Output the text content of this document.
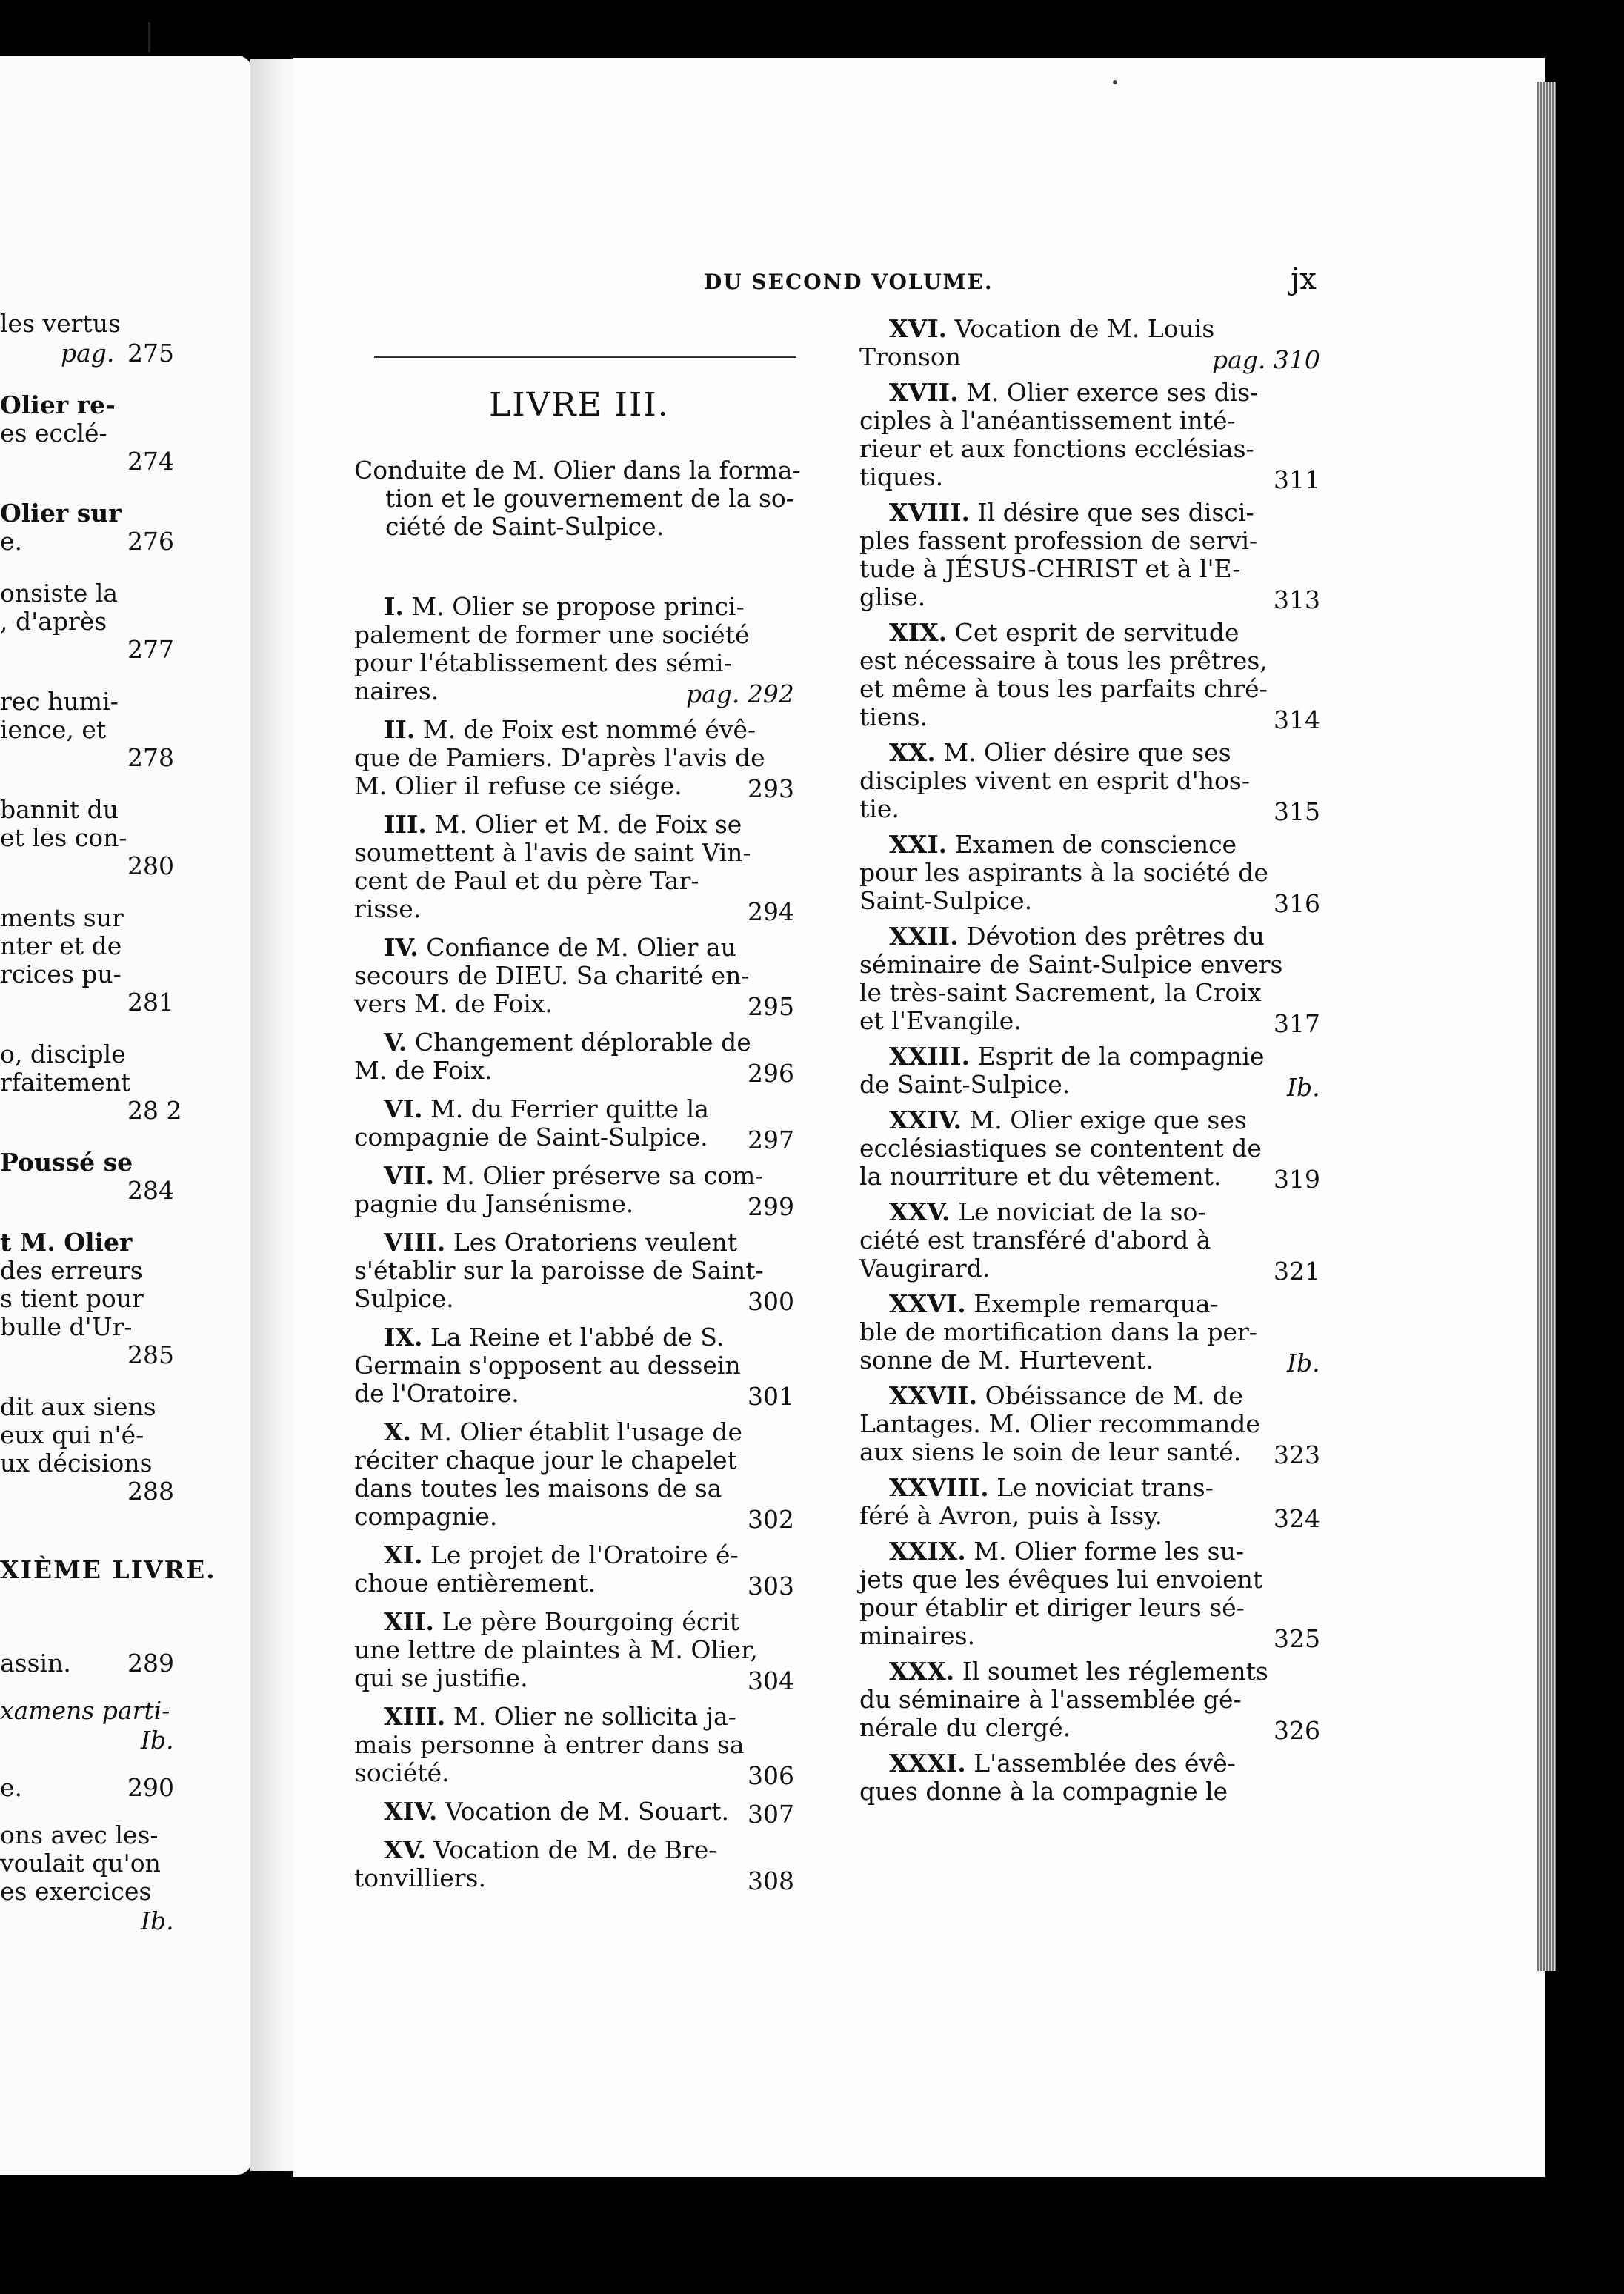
les vertus
pag. 275
Olier re-
es ecclé-
274
Olier sur
e.	276
onsiste la
, d'après
277
rec humi-
ience, et
278
bannit du
et les con-
280
ments sur
nter et de
rcices pu-
281
o, disciple
rfaitement
28 2
Poussé se
284
t M. Olier
des erreurs
s tient pour
bulle d'Ur-
285
dit aux siens
eux qui n'é-
ux décisions
288
XIÈME LIVRE.
assin. 289
xamens parti-
Ib.
e.	290
ons avec les-
voulait qu'on
es exercices
Ib.
DU SECOND VOLUME.	jx
LIVRE III.
Conduite de M. Olier dans la forma-
tion et le gouvernement de la so-
ciété de Saint-Sulpice.
I. M. Olier se propose princi-
palement de former une société
pour l'établissement des sémi-
naires.	pag. 292
II. M. de Foix est nommé évê-
que de Pamiers. D'après l'avis de
M. Olier il refuse ce siége.	293
III. M. Olier et M. de Foix se
soumettent à l'avis de saint Vin-
cent de Paul et du père Tar-
risse.	294
IV. Confiance de M. Olier au
secours de DIEU. Sa charité en-
vers M. de Foix.	295
V. Changement déplorable de
M. de Foix.	296
VI. M. du Ferrier quitte la
compagnie de Saint-Sulpice.	297
VII. M. Olier préserve sa com-
pagnie du Jansénisme.	299
VIII. Les Oratoriens veulent
s'établir sur la paroisse de Saint-
Sulpice.	300
IX. La Reine et l'abbé de S.
Germain s'opposent au dessein
de l'Oratoire.	301
X. M. Olier établit l'usage de
réciter chaque jour le chapelet
dans toutes les maisons de sa
compagnie.	302
XI. Le projet de l'Oratoire é-
choue entièrement.	303
XII. Le père Bourgoing écrit
une lettre de plaintes à M. Olier,
qui se justifie.	304
XIII. M. Olier ne sollicita ja-
mais personne à entrer dans sa
société.	306
XIV. Vocation de M. Souart. 307
XV. Vocation de M. de Bre-
tonvilliers.	308
XVI. Vocation de M. Louis
Tronson	pag. 310
XVII. M. Olier exerce ses dis-
ciples à l'anéantissement inté-
rieur et aux fonctions ecclésias-
tiques.	311
XVIII. Il désire que ses disci-
ples fassent profession de servi-
tude à JÉSUS-CHRIST et à l'E-
glise.	313
XIX. Cet esprit de servitude
est nécessaire à tous les prêtres,
et même à tous les parfaits chré-
tiens.	314
XX. M. Olier désire que ses
disciples vivent en esprit d'hos-
tie.	315
XXI. Examen de conscience
pour les aspirants à la société de
Saint-Sulpice.	316
XXII. Dévotion des prêtres du
séminaire de Saint-Sulpice envers
le très-saint Sacrement, la Croix
et l'Evangile.	317
XXIII. Esprit de la compagnie
de Saint-Sulpice.	Ib.
XXIV. M. Olier exige que ses
ecclésiastiques se contentent de
la nourriture et du vêtement.	319
XXV. Le noviciat de la so-
ciété est transféré d'abord à
Vaugirard.	321
XXVI. Exemple remarqua-
ble de mortification dans la per-
sonne de M. Hurtevent.	Ib.
XXVII. Obéissance de M. de
Lantages. M. Olier recommande
aux siens le soin de leur santé.	323
XXVIII. Le noviciat trans-
féré à Avron, puis à Issy.	324
XXIX. M. Olier forme les su-
jets que les évêques lui envoient
pour établir et diriger leurs sé-
minaires.	325
XXX. Il soumet les réglements
du séminaire à l'assemblée gé-
nérale du clergé.	326
XXXI. L'assemblée des évê-
ques donne à la compagnie le
